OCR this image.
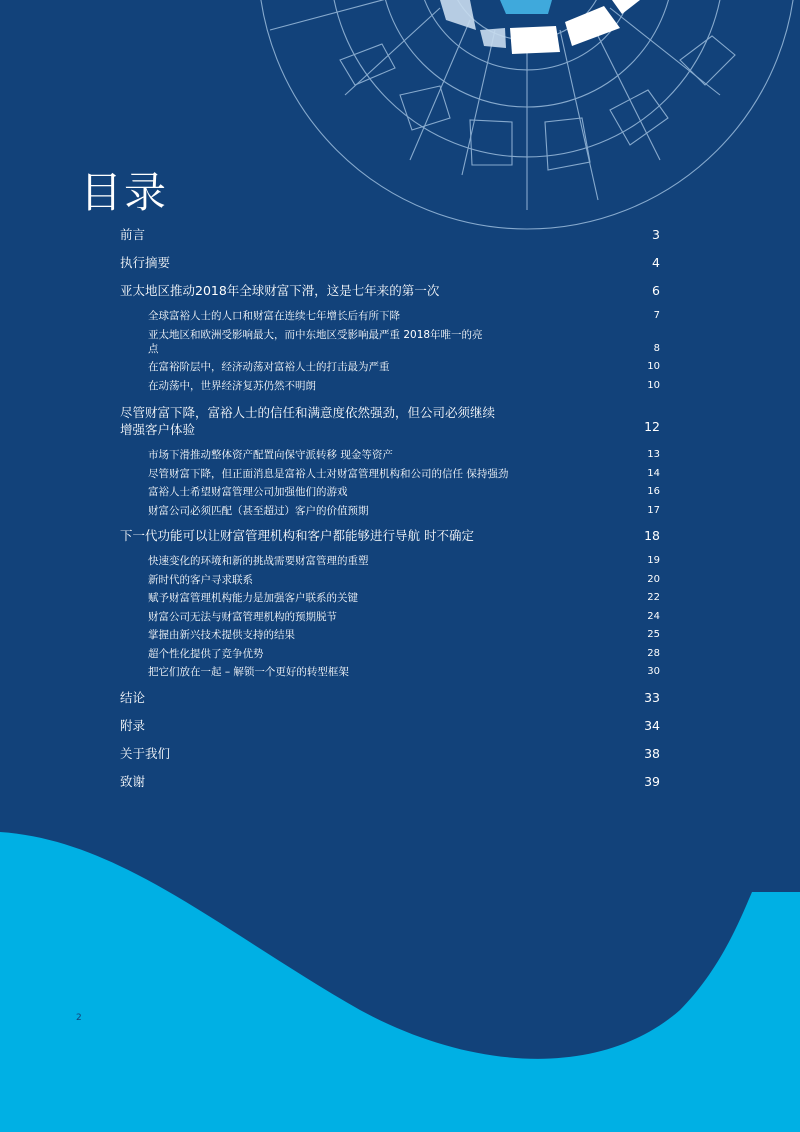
目录
前言	3
执行摘要	4
亚太地区推动2018年全球财富下滑，这是七年来的第一次	6
全球富裕人士的人口和财富在连续七年增长后有所下降	7
亚太地区和欧洲受影响最大，而中东地区受影响最严重 2018年唯一的亮点	8
在富裕阶层中，经济动荡对富裕人士的打击最为严重	10
在动荡中，世界经济复苏仍然不明朗	10
尽管财富下降，富裕人士的信任和满意度依然强劲，但公司必须继续增强客户体验	12
市场下滑推动整体资产配置向保守派转移 现金等资产	13
尽管财富下降，但正面消息是富裕人士对财富管理机构和公司的信任 保持强劲	14
富裕人士希望财富管理公司加强他们的游戏	16
财富公司必须匹配（甚至超过）客户的价值预期	17
下一代功能可以让财富管理机构和客户都能够进行导航 时不确定	18
快速变化的环境和新的挑战需要财富管理的重塑	19
新时代的客户寻求联系	20
赋予财富管理机构能力是加强客户联系的关键	22
财富公司无法与财富管理机构的预期脱节	24
掌握由新兴技术提供支持的结果	25
超个性化提供了竞争优势	28
把它们放在一起 – 解锁一个更好的转型框架	30
结论	33
附录	34
关于我们	38
致谢	39
2
